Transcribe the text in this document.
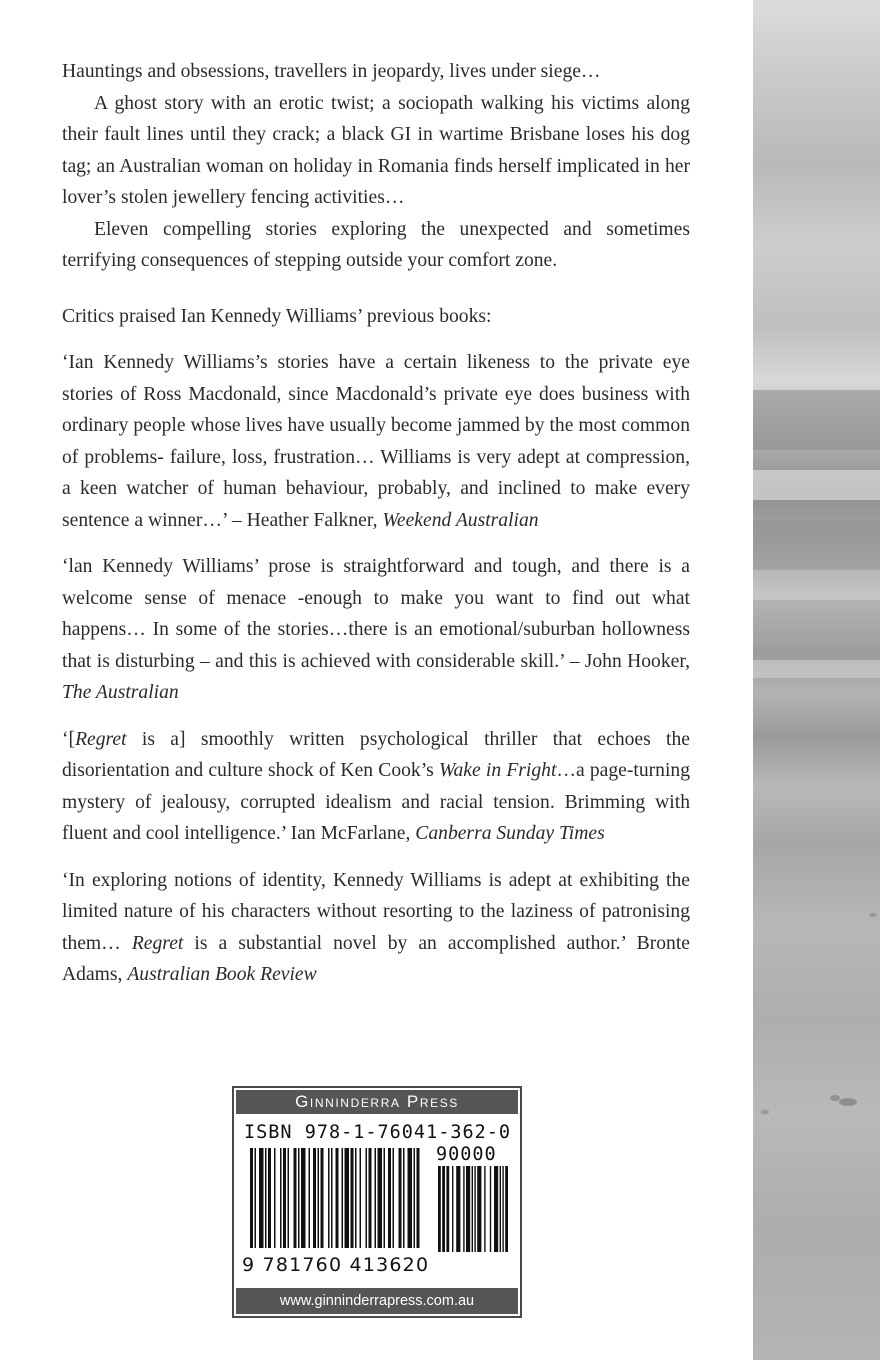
Hauntings and obsessions, travellers in jeopardy, lives under siege…

A ghost story with an erotic twist; a sociopath walking his victims along their fault lines until they crack; a black GI in wartime Brisbane loses his dog tag; an Australian woman on holiday in Romania finds herself implicated in her lover’s stolen jewellery fencing activities…

Eleven compelling stories exploring the unexpected and sometimes terrifying consequences of stepping outside your comfort zone.

Critics praised Ian Kennedy Williams’ previous books:

‘Ian Kennedy Williams’s stories have a certain likeness to the private eye stories of Ross Macdonald, since Macdonald’s private eye does business with ordinary people whose lives have usually become jammed by the most common of problems- failure, loss, frustration… Williams is very adept at compression, a keen watcher of human behaviour, probably, and inclined to make every sentence a winner…’ – Heather Falkner, Weekend Australian

‘lan Kennedy Williams’ prose is straightforward and tough, and there is a welcome sense of menace -enough to make you want to find out what happens… In some of the stories…there is an emotional/suburban hollowness that is disturbing – and this is achieved with considerable skill.’ – John Hooker, The Australian

‘[Regret is a] smoothly written psychological thriller that echoes the disorientation and culture shock of Ken Cook’s Wake in Fright…a page-turning mystery of jealousy, corrupted idealism and racial tension. Brimming with fluent and cool intelligence.’ Ian McFarlane, Canberra Sunday Times

‘In exploring notions of identity, Kennedy Williams is adept at exhibiting the limited nature of his characters without resorting to the laziness of patronising them… Regret is a substantial novel by an accomplished author.’ Bronte Adams, Australian Book Review

Ginninderra Press
ISBN 978-1-76041-362-0
90000
9 781760 413620
www.ginninderrapress.com.au
